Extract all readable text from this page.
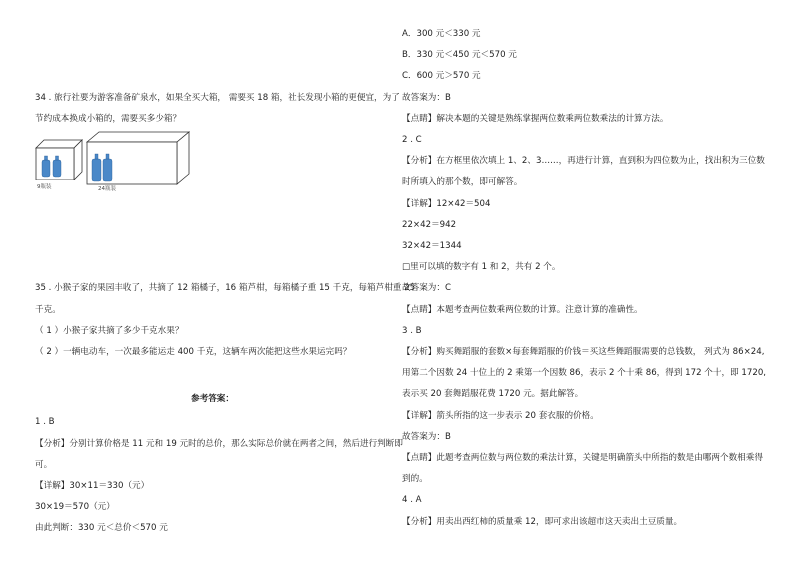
34 . 旅行社要为游客准备矿泉水，如果全买大箱， 需要买 18 箱，社长发现小箱的更便宜，为了
节约成本换成小箱的，需要买多少箱？
9瓶装	24瓶装
35 . 小猴子家的果园丰收了，共摘了 12 箱橘子，16 箱芦柑，每箱橘子重 15 千克，每箱芦柑重 25
千克。
（ 1 ）小猴子家共摘了多少千克水果？
（ 2 ）一辆电动车，一次最多能运走 400 千克，这辆车两次能把这些水果运完吗？
参考答案：
1 . B
【分析】分别计算价格是 11 元和 19 元时的总价，那么实际总价就在两者之间，然后进行判断即
可。
【详解】30×11＝330（元）
30×19＝570（元）
由此判断：330 元＜总价＜570 元
A．300 元＜330 元
B．330 元＜450 元＜570 元
C．600 元＞570 元
故答案为：B
【点睛】解决本题的关键是熟练掌握两位数乘两位数乘法的计算方法。
2 . C
【分析】在方框里依次填上 1、2、3……，再进行计算，直到积为四位数为止，找出积为三位数
时所填入的那个数，即可解答。
【详解】12×42＝504
22×42＝942
32×42＝1344
□里可以填的数字有 1 和 2，共有 2 个。
故答案为：C
【点睛】本题考查两位数乘两位数的计算。注意计算的准确性。
3 . B
【分析】购买舞蹈服的套数×每套舞蹈服的价钱＝买这些舞蹈服需要的总钱数， 列式为 86×24,
用第二个因数 24 十位上的 2 乘第一个因数 86，表示 2 个十乘 86，得到 172 个十，即 1720,
表示买 20 套舞蹈服花费 1720 元。据此解答。
【详解】箭头所指的这一步表示 20 套衣服的价格。
故答案为：B
【点睛】此题考查两位数与两位数的乘法计算，关键是明确箭头中所指的数是由哪两个数相乘得
到的。
4 . A
【分析】用卖出西红柿的质量乘 12，即可求出该超市这天卖出土豆质量。
